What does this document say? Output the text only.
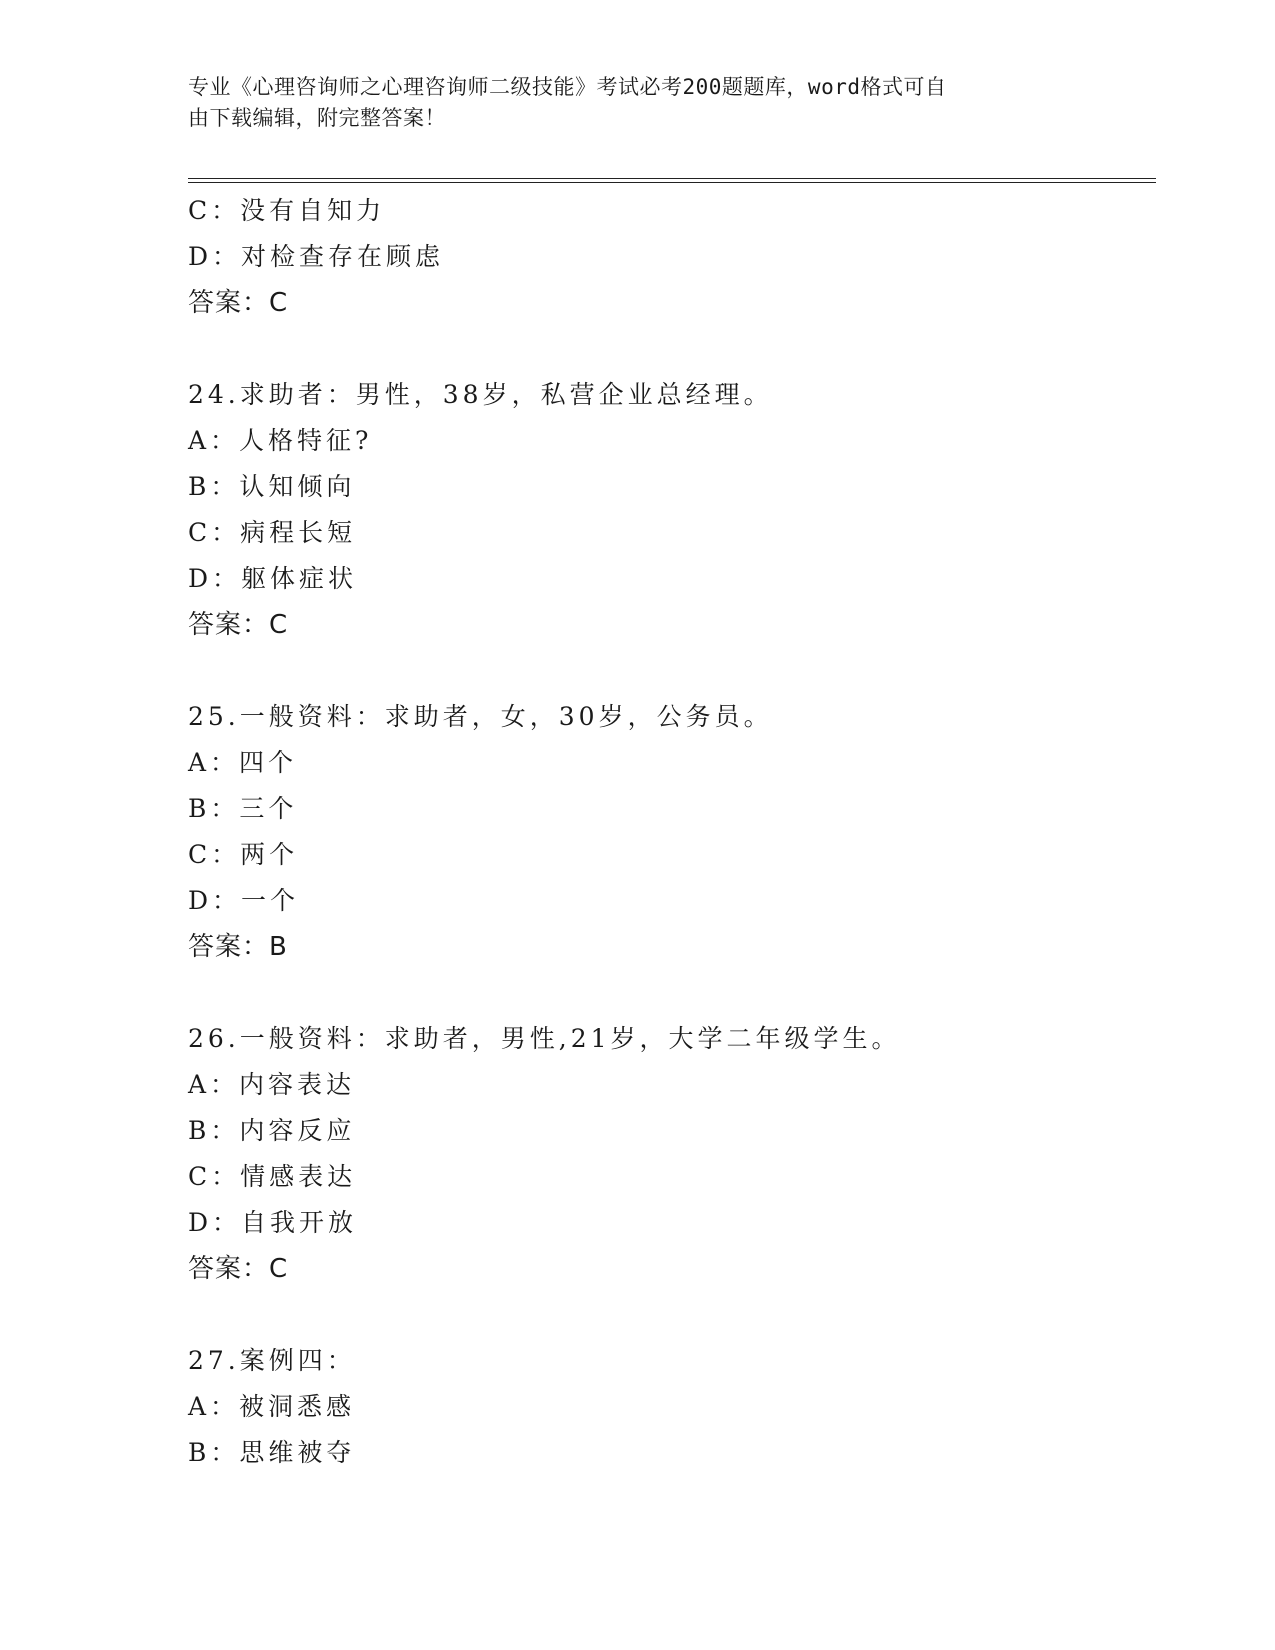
专业《心理咨询师之心理咨询师二级技能》考试必考200题题库，word格式可自
由下载编辑，附完整答案！
C：没有自知力
D：对检查存在顾虑
答案：C
24.求助者：男性，38岁，私营企业总经理。
A：人格特征?
B：认知倾向
C：病程长短
D：躯体症状
答案：C
25.一般资料：求助者，女，30岁，公务员。
A：四个
B：三个
C：两个
D：一个
答案：B
26.一般资料：求助者，男性,21岁，大学二年级学生。
A：内容表达
B：内容反应
C：情感表达
D：自我开放
答案：C
27.案例四：
A：被洞悉感
B：思维被夺
